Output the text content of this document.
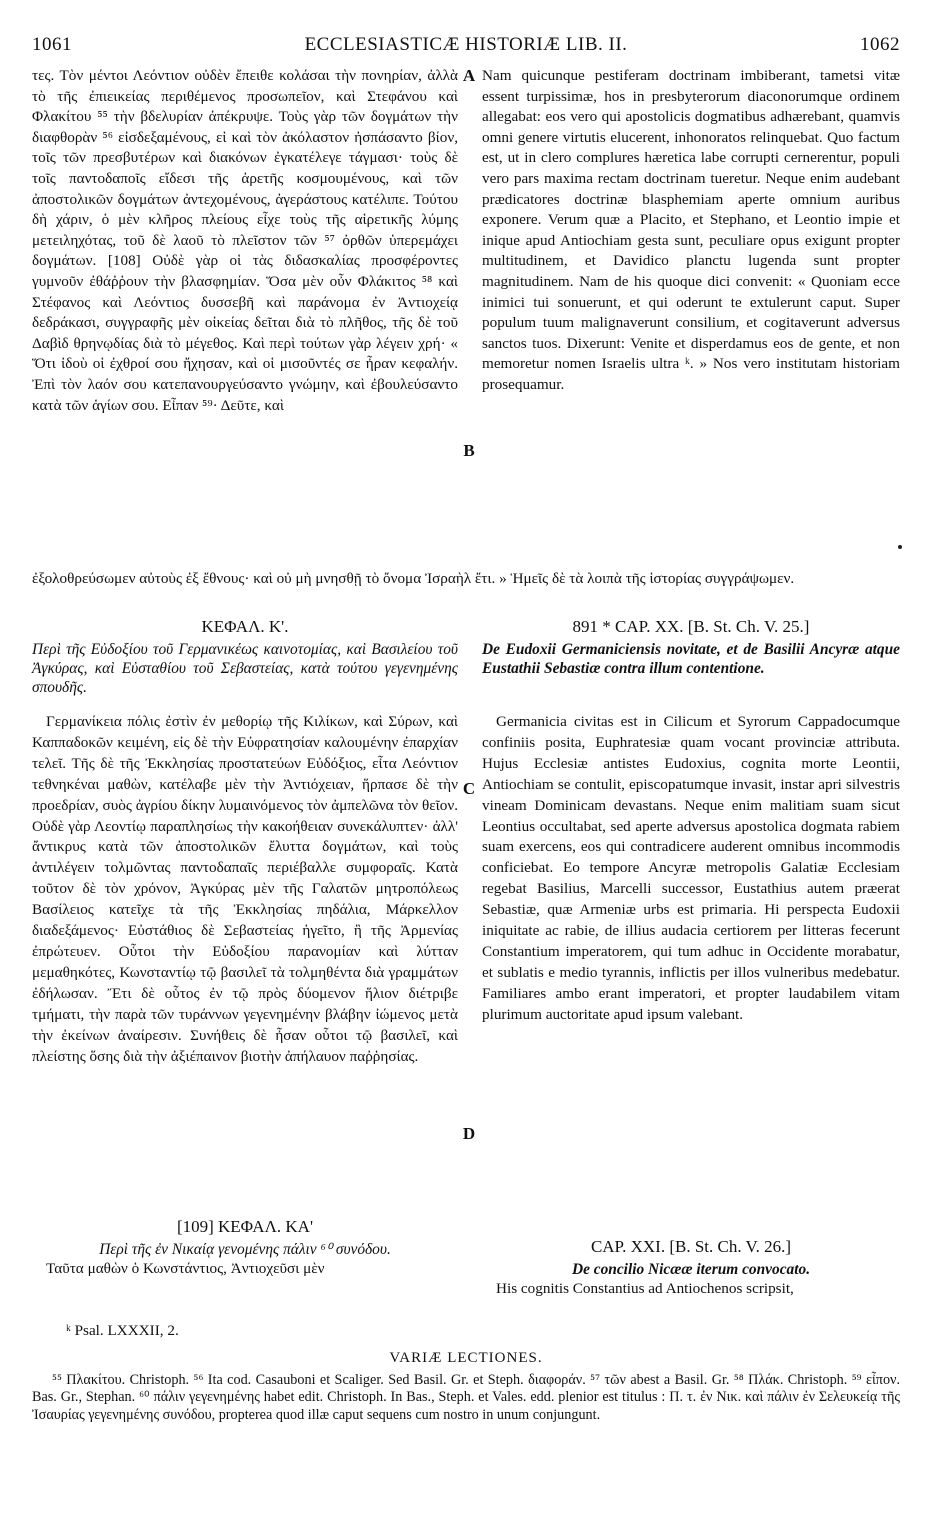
1061	ECCLESIASTICÆ HISTORIÆ LIB. II.	1062
A
B
C
D

τες. Τὸν μέντοι Λεόντιον οὐδὲν ἔπειθε κολάσαι τὴν πονηρίαν, ἀλλὰ τὸ τῆς ἐπιεικείας περιθέμενος προσωπεῖον, καὶ Στεφάνου καὶ Φλακίτου ⁵⁵ τὴν βδελυρίαν ἀπέκρυψε. Τοὺς γὰρ τῶν δογμάτων τὴν διαφθορὰν ⁵⁶ εἰσδεξαμένους, εἰ καὶ τὸν ἀκόλαστον ἠσπάσαντο βίον, τοῖς τῶν πρεσβυτέρων καὶ διακόνων ἐγκατέλεγε τάγμασι· τοὺς δὲ τοῖς παντοδαποῖς εἴδεσι τῆς ἀρετῆς κοσμουμένους, καὶ τῶν ἀποστολικῶν δογμάτων ἀντεχομένους, ἀγεράστους κατέλιπε. Τούτου δὴ χάριν, ὁ μὲν κλῆρος πλείους εἶχε τοὺς τῆς αἱρετικῆς λύμης μετειληχότας, τοῦ δὲ λαοῦ τὸ πλεῖστον τῶν ⁵⁷ ὀρθῶν ὑπερεμάχει δογμάτων. [108] Οὐδὲ γὰρ οἱ τὰς διδασκαλίας προσφέροντες γυμνοῦν ἐθάῤῥουν τὴν βλασφημίαν. Ὅσα μὲν οὖν Φλάκιτος ⁵⁸ καὶ Στέφανος καὶ Λεόντιος δυσσεβῆ καὶ παράνομα ἐν Ἀντιοχείᾳ δεδράκασι, συγγραφῆς μὲν οἰκείας δεῖται διὰ τὸ πλῆθος, τῆς δὲ τοῦ Δαβὶδ θρηνῳδίας διὰ τὸ μέγεθος. Καὶ περὶ τούτων γὰρ λέγειν χρή· « Ὅτι ἰδοὺ οἱ ἐχθροί σου ἤχησαν, καὶ οἱ μισοῦντές σε ἦραν κεφαλήν. Ἐπὶ τὸν λαόν σου κατεπανουργεύσαντο γνώμην, καὶ ἐβουλεύσαντο κατὰ τῶν ἁγίων σου. Εἶπαν ⁵⁹· Δεῦτε, καὶ

Nam quicunque pestiferam doctrinam imbiberant, tametsi vitæ essent turpissimæ, hos in presbyterorum diaconorumque ordinem allegabat: eos vero qui apostolicis dogmatibus adhærebant, quamvis omni genere virtutis elucerent, inhonoratos relinquebat. Quo factum est, ut in clero complures hæretica labe corrupti cernerentur, populi vero pars maxima rectam doctrinam tueretur. Neque enim audebant prædicatores doctrinæ blasphemiam aperte omnium auribus exponere. Verum quæ a Placito, et Stephano, et Leontio impie et inique apud Antiochiam gesta sunt, peculiare opus exigunt propter multitudinem, et Davidico planctu lugenda sunt propter magnitudinem. Nam de his quoque dici convenit: « Quoniam ecce inimici tui sonuerunt, et qui oderunt te extulerunt caput. Super populum tuum malignaverunt consilium, et cogitaverunt adversus sanctos tuos. Dixerunt: Venite et disperdamus eos de gente, et non memoretur nomen Israelis ultra ᵏ. » Nos vero institutam historiam prosequamur.

ἐξολοθρεύσωμεν αὐτοὺς ἐξ ἔθνους· καὶ οὐ μὴ μνησθῇ τὸ ὄνομα Ἰσραὴλ ἔτι. » Ἡμεῖς δὲ τὰ λοιπὰ τῆς ἱστορίας συγγράψωμεν.

ΚΕΦΑΛ. Κ'.
Περὶ τῆς Εὐδοξίου τοῦ Γερμανικέως καινοτομίας, καὶ Βασιλείου τοῦ Ἀγκύρας, καὶ Εὐσταθίου τοῦ Σεβαστείας, κατὰ τούτου γεγενημένης σπουδῆς.
891 * CAP. XX. [B. St. Ch. V. 25.]
De Eudoxii Germaniciensis novitate, et de Basilii Ancyræ atque Eustathii Sebastiæ contra illum contentione.

Γερμανίκεια πόλις ἐστὶν ἐν μεθορίῳ τῆς Κιλίκων, καὶ Σύρων, καὶ Καππαδοκῶν κειμένη, εἰς δὲ τὴν Εὐφρατησίαν καλουμένην ἐπαρχίαν τελεῖ. Τῆς δὲ τῆς Ἐκκλησίας προστατεύων Εὐδόξιος, εἶτα Λεόντιον τεθνηκέναι μαθὼν, κατέλαβε μὲν τὴν Ἀντιόχειαν, ἥρπασε δὲ τὴν προεδρίαν, συὸς ἀγρίου δίκην λυμαινόμενος τὸν ἀμπελῶνα τὸν θεῖον. Οὐδὲ γὰρ Λεοντίῳ παραπλησίως τὴν κακοήθειαν συνεκάλυπτεν· ἀλλ' ἄντικρυς κατὰ τῶν ἀποστολικῶν ἔλυττα δογμάτων, καὶ τοὺς ἀντιλέγειν τολμῶντας παντοδαπαῖς περιέβαλλε συμφοραῖς. Κατὰ τοῦτον δὲ τὸν χρόνον, Ἀγκύρας μὲν τῆς Γαλατῶν μητροπόλεως Βασίλειος κατεῖχε τὰ τῆς Ἐκκλησίας πηδάλια, Μάρκελλον διαδεξάμενος· Εὐστάθιος δὲ Σεβαστείας ἡγεῖτο, ἣ τῆς Ἀρμενίας ἐπρώτευεν. Οὗτοι τὴν Εὐδοξίου παρανομίαν καὶ λύτταν μεμαθηκότες, Κωνσταντίῳ τῷ βασιλεῖ τὰ τολμηθέντα διὰ γραμμάτων ἐδήλωσαν. Ἔτι δὲ οὗτος ἐν τῷ πρὸς δύομενον ἥλιον διέτριβε τμήματι, τὴν παρὰ τῶν τυράννων γεγενημένην βλάβην ἰώμενος μετὰ τὴν ἐκείνων ἀναίρεσιν. Συνήθεις δὲ ἦσαν οὗτοι τῷ βασιλεῖ, καὶ πλείστης ὅσης διὰ τὴν ἀξιέπαινον βιοτὴν ἀπήλαυον παῤῥησίας.

Germanicia civitas est in Cilicum et Syrorum Cappadocumque confiniis posita, Euphratesiæ quam vocant provinciæ attributa. Hujus Ecclesiæ antistes Eudoxius, cognita morte Leontii, Antiochiam se contulit, episcopatumque invasit, instar apri silvestris vineam Dominicam devastans. Neque enim malitiam suam sicut Leontius occultabat, sed aperte adversus apostolica dogmata rabiem suam exercens, eos qui contradicere auderent omnibus incommodis conficiebat. Eo tempore Ancyræ metropolis Galatiæ Ecclesiam regebat Basilius, Marcelli successor, Eustathius autem præerat Sebastiæ, quæ Armeniæ urbs est primaria. Hi perspecta Eudoxii iniquitate ac rabie, de illius audacia certiorem per litteras fecerunt Constantium imperatorem, qui tum adhuc in Occidente morabatur, et sublatis e medio tyrannis, inflictis per illos vulneribus medebatur. Familiares ambo erant imperatori, et propter laudabilem vitam plurimum auctoritate apud ipsum valebant.

[109] ΚΕΦΑΛ. ΚΑ'
Περὶ τῆς ἐν Νικαίᾳ γενομένης πάλιν ⁶⁰ συνόδου.
Ταῦτα μαθὼν ὁ Κωνστάντιος, Ἀντιοχεῦσι μὲν
CAP. XXI. [B. St. Ch. V. 26.]
De concilio Nicææ iterum convocato.
His cognitis Constantius ad Antiochenos scripsit,
ᵏ Psal. LXXXII, 2.
VARIÆ LECTIONES.

⁵⁵ Πλακίτου. Christoph. ⁵⁶ Ita cod. Casauboni et Scaliger. Sed Basil. Gr. et Steph. διαφοράν. ⁵⁷ τῶν abest a Basil. Gr. ⁵⁸ Πλάκ. Christoph. ⁵⁹ εἶπον. Bas. Gr., Stephan. ⁶⁰ πάλιν γεγενημένης habet edit. Christoph. In Bas., Steph. et Vales. edd. plenior est titulus : Π. τ. ἐν Νικ. καὶ πάλιν ἐν Σελευκείᾳ τῆς Ἰσαυρίας γεγενημένης συνόδου, propterea quod illæ caput sequens cum nostro in unum conjungunt.
